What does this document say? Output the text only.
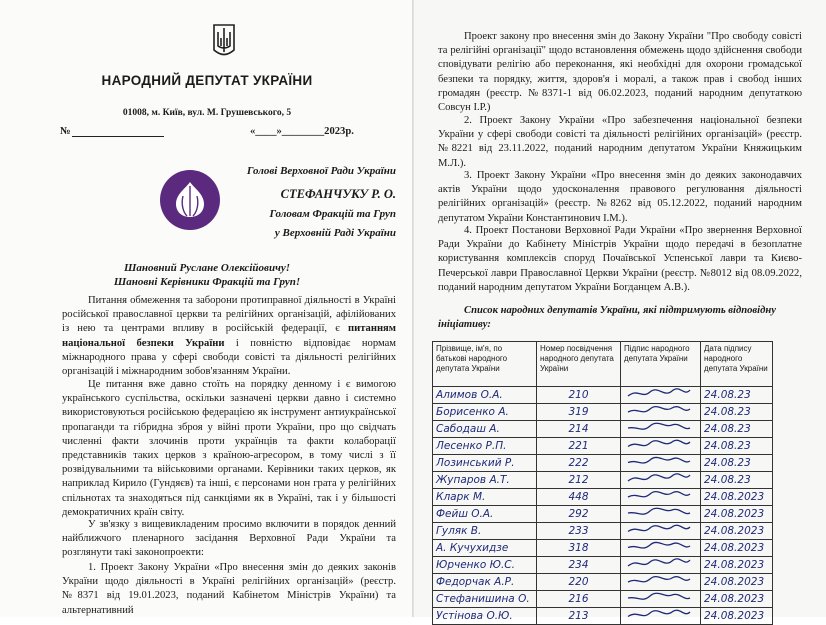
НАРОДНИЙ ДЕПУТАТ УКРАЇНИ
01008, м. Київ, вул. М. Грушевського, 5
№	«____»________2023р.
Голові Верховної Ради України
СТЕФАНЧУКУ Р. О.
Головам Фракцій та Груп
у Верховній Раді України
Шановний Руслане Олексійовичу!
Шановні Керівники Фракцій та Груп!
Питання обмеження та заборони протиправної діяльності в Україні російської православної церкви та релігійних організацій, афілійованих із нею та центрами впливу в російській федерації, є питанням національної безпеки України і повністю відповідає нормам міжнародного права у сфері свободи совісті та діяльності релігійних організацій і міжнародним зобов'язанням України.
Це питання вже давно стоїть на порядку денному і є вимогою українського суспільства, оскільки зазначені церкви давно і системно використовуються російською федерацією як інструмент антиукраїнської пропаганди та гібридна зброя у війні проти України, про що свідчать численні факти злочинів проти українців та факти колаборації представників таких церков з країною-агресором, в тому числі з її розвідувальними та військовими органами. Керівники таких церков, як наприклад Кирило (Гундяєв) та інші, є персонами нон грата у релігійних спільнотах та знаходяться під санкціями як в Україні, так і у більшості демократичних країн світу.
У зв'язку з вищевикладеним просимо включити в порядок денний найближчого пленарного засідання Верховної Ради України та розглянути такі законопроекти:
1. Проект Закону України «Про внесення змін до деяких законів України щодо діяльності в Україні релігійних організацій» (реєстр. №8371 від 19.01.2023, поданий Кабінетом Міністрів України) та альтернативний
Проект закону про внесення змін до Закону України "Про свободу совісті та релігійні організації" щодо встановлення обмежень щодо здійснення свободи сповідувати релігію або переконання, які необхідні для охорони громадської безпеки та порядку, життя, здоров'я і моралі, а також прав і свобод інших громадян (реєстр. №8371-1 від 06.02.2023, поданий народним депутаткою Совсун І.Р.)
2. Проект Закону України «Про забезпечення національної безпеки України у сфері свободи совісті та діяльності релігійних організацій» (реєстр. №8221 від 23.11.2022, поданий народним депутатом України Княжицьким М.Л.).
3. Проект Закону України «Про внесення змін до деяких законодавчих актів України щодо удосконалення правового регулювання діяльності релігійних організацій» (реєстр. №8262 від 05.12.2022, поданий народним депутатом України Константинович І.М.).
4. Проект Постанови Верховної Ради України «Про звернення Верховної Ради України до Кабінету Міністрів України щодо передачі в безоплатне користування комплексів споруд Почаївської Успенської лаври та Києво-Печерської лаври Православної Церкви України (реєстр. №8012 від 08.09.2022, поданий народним депутатом України Богданцем А.В.).
Список народних депутатів України, які підтримують відповідну ініціативу:
Прізвище, ім'я, по батькові народного депутата України	Номер посвідчення народного депутата України	Підпис народного депутата України	Дата підпису народного депутата України
Алимов О.А.	210		24.08.23
Борисенко А.	319		24.08.23
Сабодаш А.	214		24.08.23
Лесенко Р.П.	221		24.08.23
Лозинський Р.	222		24.08.23
Жупаров А.Т.	212		24.08.23
Кларк М.	448		24.08.2023
Фейш О.А.	292		24.08.2023
Гуляк В.	233		24.08.2023
А. Кучухидзе	318		24.08.2023
Юрченко Ю.С.	234		24.08.2023
Федорчак А.Р.	220		24.08.2023
Стефанишина О.	216		24.08.2023
Устінова О.Ю.	213		24.08.2023
